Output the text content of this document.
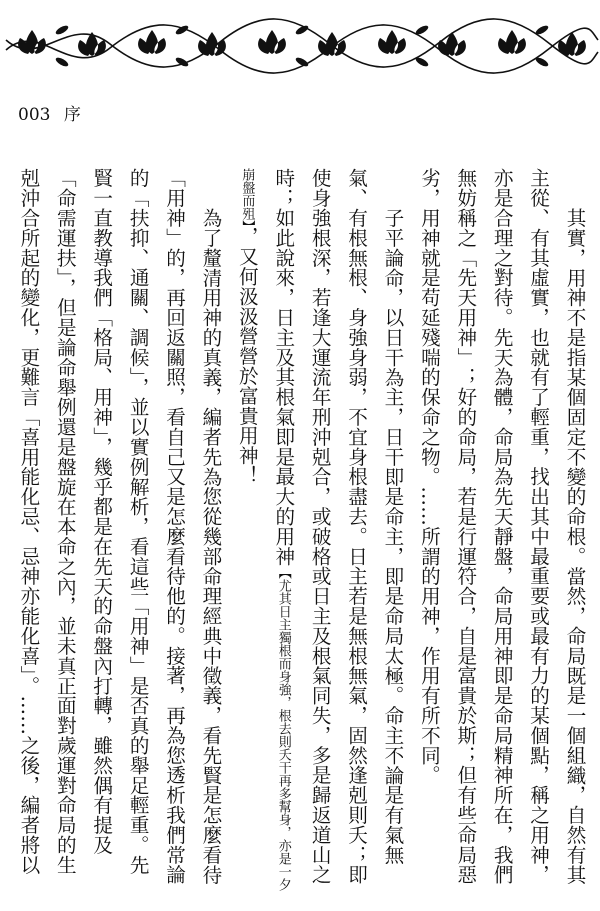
003 序

　　其實，用神不是指某個固定不變的命根。當然，命局既是一個組織，自然有其主從、有其虛實，也就有了輕重，找出其中最重要或最有力的某個點，稱之用神，亦是合理之對待。先天為體，命局為先天靜盤，命局用神即是命局精神所在，我們無妨稱之「先天用神」；好的命局，若是行運符合，自是富貴於斯；但有些命局惡劣，用神就是苟延殘喘的保命之物。……所謂的用神，作用有所不同。

　　子平論命，以日干為主，日干即是命主，即是命局太極。命主不論是有氣無氣、有根無根、身強身弱，不宜身根盡去。日主若是無根無氣，固然逢剋則夭；即使身強根深，若逢大運流年刑沖剋合，或破格或日主及根氣同失，多是歸返道山之時；如此說來，日主及其根氣即是最大的用神【尤其日主獨根而身強，根去則夭干再多幫身，亦是一夕崩盤而殂】，又何汲汲營營於富貴用神！

　　為了釐清用神的真義，編者先為您從幾部命理經典中徵義，看先賢是怎麼看待「用神」的，再回返關照，看自己又是怎麼看待他的。接著，再為您透析我們常論的「扶抑、通關、調候」，並以實例解析，看這些「用神」是否真的舉足輕重。先賢一直教導我們「格局、用神」，幾乎都是在先天的命盤內打轉，雖然偶有提及「命需運扶」，但是論命舉例還是盤旋在本命之內，並未真正面對歲運對命局的生剋沖合所起的變化，更難言「喜用能化忌、忌神亦能化喜」。……之後，編者將以
